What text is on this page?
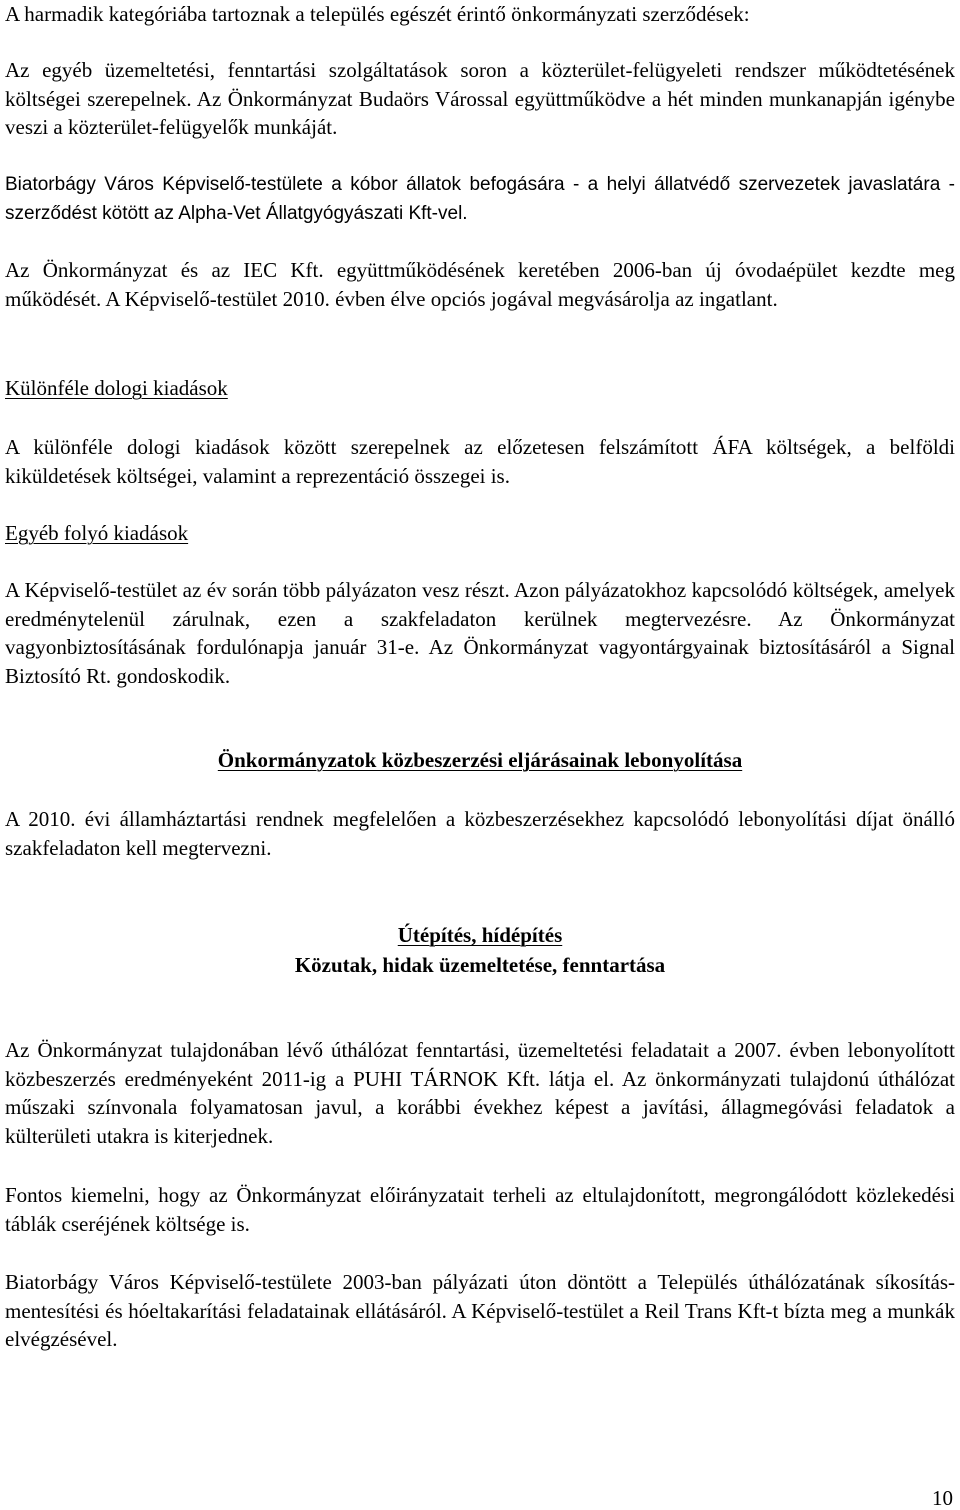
A harmadik kategóriába tartoznak a település egészét érintő önkormányzati szerződések:

Az egyéb üzemeltetési, fenntartási szolgáltatások soron a közterület-felügyeleti rendszer működtetésének költségei szerepelnek. Az Önkormányzat Budaörs Várossal együttműködve a hét minden munkanapján igénybe veszi a közterület-felügyelők munkáját.

Biatorbágy Város Képviselő-testülete a kóbor állatok befogására - a helyi állatvédő szervezetek javaslatára - szerződést kötött az Alpha-Vet Állatgyógyászati Kft-vel.

Az Önkormányzat és az IEC Kft. együttműködésének keretében 2006-ban új óvodaépület kezdte meg működését. A Képviselő-testület 2010. évben élve opciós jogával megvásárolja az ingatlant.

Különféle dologi kiadások

A különféle dologi kiadások között szerepelnek az előzetesen felszámított ÁFA költségek, a belföldi kiküldetések költségei, valamint a reprezentáció összegei is.

Egyéb folyó kiadások

A Képviselő-testület az év során több pályázaton vesz részt. Azon pályázatokhoz kapcsolódó költségek, amelyek eredménytelenül zárulnak, ezen a szakfeladaton kerülnek megtervezésre. Az Önkormányzat vagyonbiztosításának fordulónapja január 31-e. Az Önkormányzat vagyontárgyainak biztosításáról a Signal Biztosító Rt. gondoskodik.

Önkormányzatok közbeszerzési eljárásainak lebonyolítása

A 2010. évi államháztartási rendnek megfelelően a közbeszerzésekhez kapcsolódó lebonyolítási díjat önálló szakfeladaton kell megtervezni.

Útépítés, hídépítés

Közutak, hidak üzemeltetése, fenntartása

Az Önkormányzat tulajdonában lévő úthálózat fenntartási, üzemeltetési feladatait a 2007. évben lebonyolított közbeszerzés eredményeként 2011-ig a PUHI TÁRNOK Kft. látja el. Az önkormányzati tulajdonú úthálózat műszaki színvonala folyamatosan javul, a korábbi évekhez képest a javítási, állagmegóvási feladatok a külterületi utakra is kiterjednek.

Fontos kiemelni, hogy az Önkormányzat előirányzatait terheli az eltulajdonított, megrongálódott közlekedési táblák cseréjének költsége is.

Biatorbágy Város Képviselő-testülete 2003-ban pályázati úton döntött a Település úthálózatának síkosítás-mentesítési és hóeltakarítási feladatainak ellátásáról. A Képviselő-testület a Reil Trans Kft-t bízta meg a munkák elvégzésével.

10
